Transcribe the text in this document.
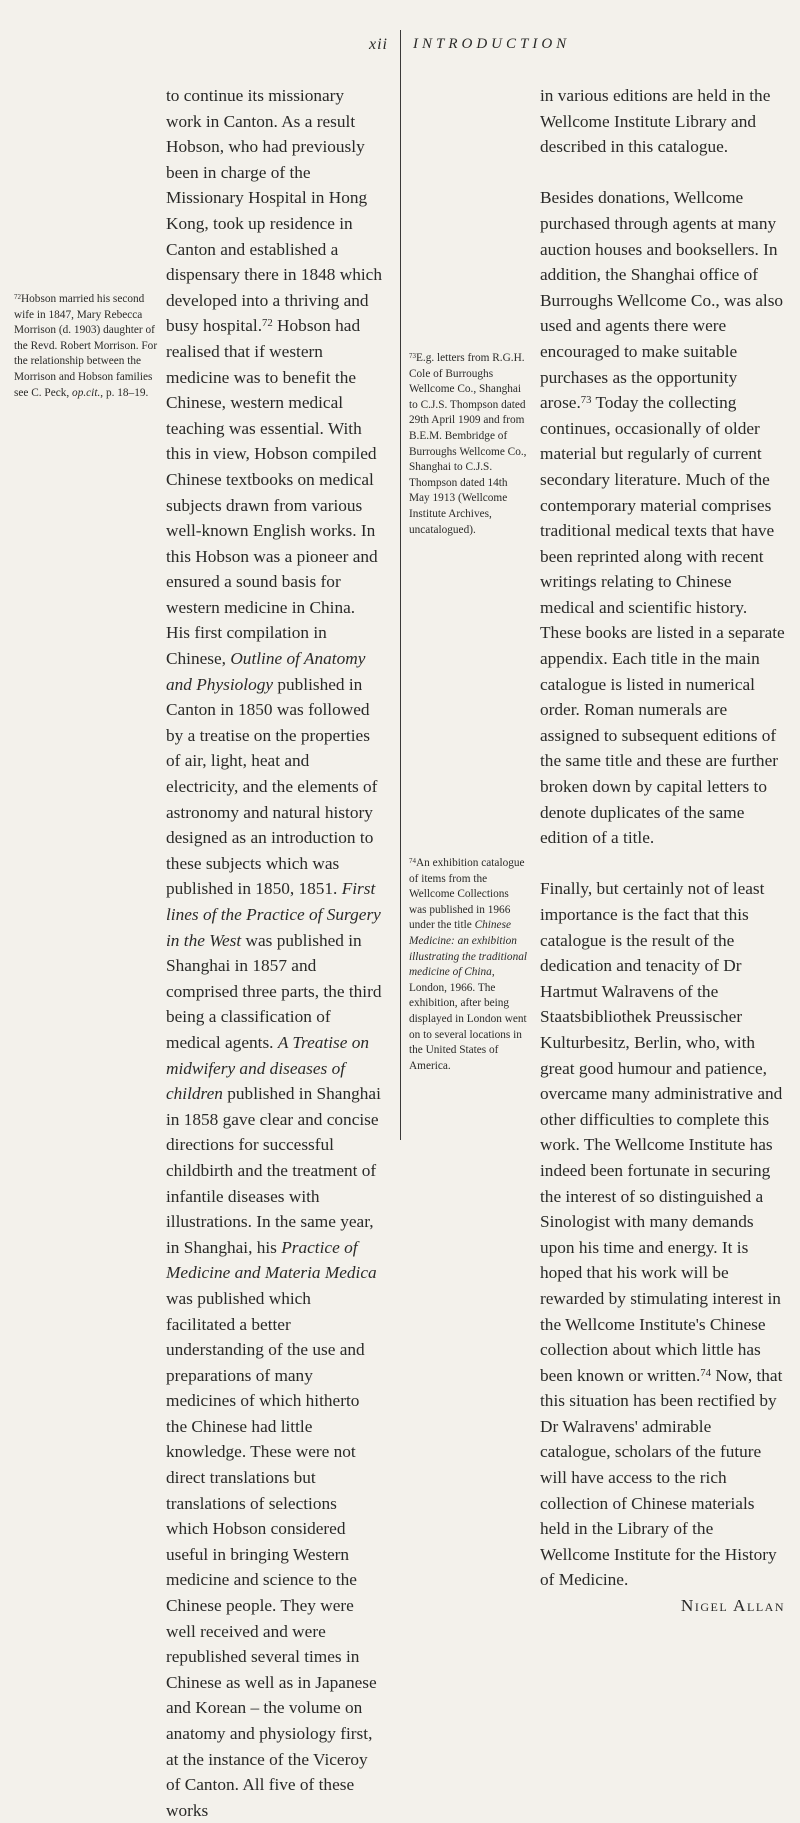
xii INTRODUCTION
$^{72}$Hobson married his second wife in 1847, Mary Rebecca Morrison (d. 1903) daughter of the Revd. Robert Morrison. For the relationship between the Morrison and Hobson families see C. Peck, op.cit., p. 18–19.
$^{73}$E.g. letters from R.G.H. Cole of Burroughs Wellcome Co., Shanghai to C.J.S. Thompson dated 29th April 1909 and from B.E.M. Bembridge of Burroughs Wellcome Co., Shanghai to C.J.S. Thompson dated 14th May 1913 (Wellcome Institute Archives, uncatalogued).
$^{74}$An exhibition catalogue of items from the Wellcome Collections was published in 1966 under the title Chinese Medicine: an exhibition illustrating the traditional medicine of China, London, 1966. The exhibition, after being displayed in London went on to several locations in the United States of America.

to continue its missionary work in Canton. As a result Hobson, who had previously been in charge of the Missionary Hospital in Hong Kong, took up residence in Canton and established a dispensary there in 1848 which developed into a thriving and busy hospital.$^{72}$ Hobson had realised that if western medicine was to benefit the Chinese, western medical teaching was essential. With this in view, Hobson compiled Chinese textbooks on medical subjects drawn from various well-known English works. In this Hobson was a pioneer and ensured a sound basis for western medicine in China. His first compilation in Chinese, Outline of Anatomy and Physiology published in Canton in 1850 was followed by a treatise on the properties of air, light, heat and electricity, and the elements of astronomy and natural history designed as an introduction to these subjects which was published in 1850, 1851. First lines of the Practice of Surgery in the West was published in Shanghai in 1857 and comprised three parts, the third being a classification of medical agents. A Treatise on midwifery and diseases of children published in Shanghai in 1858 gave clear and concise directions for successful childbirth and the treatment of infantile diseases with illustrations. In the same year, in Shanghai, his Practice of Medicine and Materia Medica was published which facilitated a better understanding of the use and preparations of many medicines of which hitherto the Chinese had little knowledge. These were not direct translations but translations of selections which Hobson considered useful in bringing Western medicine and science to the Chinese people. They were well received and were republished several times in Chinese as well as in Japanese and Korean – the volume on anatomy and physiology first, at the instance of the Viceroy of Canton. All five of these works

in various editions are held in the Wellcome Institute Library and described in this catalogue.

Besides donations, Wellcome purchased through agents at many auction houses and booksellers. In addition, the Shanghai office of Burroughs Wellcome Co., was also used and agents there were encouraged to make suitable purchases as the opportunity arose.$^{73}$ Today the collecting continues, occasionally of older material but regularly of current secondary literature. Much of the contemporary material comprises traditional medical texts that have been reprinted along with recent writings relating to Chinese medical and scientific history. These books are listed in a separate appendix. Each title in the main catalogue is listed in numerical order. Roman numerals are assigned to subsequent editions of the same title and these are further broken down by capital letters to denote duplicates of the same edition of a title.

Finally, but certainly not of least importance is the fact that this catalogue is the result of the dedication and tenacity of Dr Hartmut Walravens of the Staatsbibliothek Preussischer Kulturbesitz, Berlin, who, with great good humour and patience, overcame many administrative and other difficulties to complete this work. The Wellcome Institute has indeed been fortunate in securing the interest of so distinguished a Sinologist with many demands upon his time and energy. It is hoped that his work will be rewarded by stimulating interest in the Wellcome Institute's Chinese collection about which little has been known or written.$^{74}$ Now, that this situation has been rectified by Dr Walravens' admirable catalogue, scholars of the future will have access to the rich collection of Chinese materials held in the Library of the Wellcome Institute for the History of Medicine.

Nigel Allan
